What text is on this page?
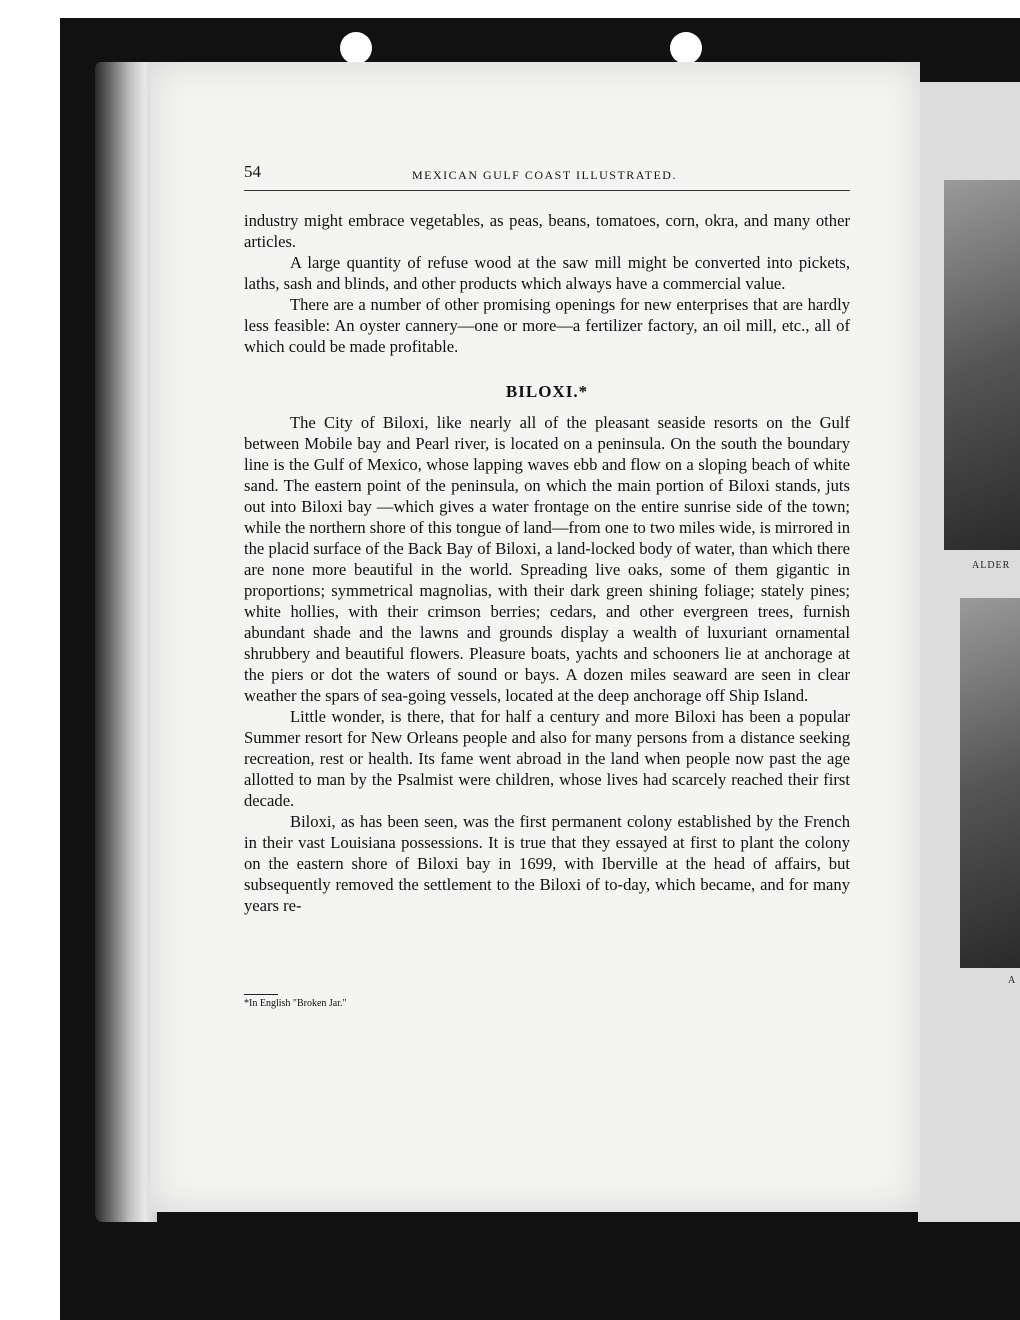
ALDER
A
54	MEXICAN GULF COAST ILLUSTRATED.

industry might embrace vegetables, as peas, beans, tomatoes, corn, okra, and many other articles.

A large quantity of refuse wood at the saw mill might be converted into pickets, laths, sash and blinds, and other products which always have a commercial value.

There are a number of other promising openings for new enterprises that are hardly less feasible: An oyster cannery—one or more—a fertilizer factory, an oil mill, etc., all of which could be made profitable.

BILOXI.*

The City of Biloxi, like nearly all of the pleasant seaside resorts on the Gulf between Mobile bay and Pearl river, is located on a peninsula. On the south the boundary line is the Gulf of Mexico, whose lapping waves ebb and flow on a sloping beach of white sand. The eastern point of the peninsula, on which the main portion of Biloxi stands, juts out into Biloxi bay —which gives a water frontage on the entire sunrise side of the town; while the northern shore of this tongue of land—from one to two miles wide, is mirrored in the placid surface of the Back Bay of Biloxi, a land-locked body of water, than which there are none more beautiful in the world. Spreading live oaks, some of them gigantic in proportions; symmetrical magnolias, with their dark green shining foliage; stately pines; white hollies, with their crimson berries; cedars, and other evergreen trees, furnish abundant shade and the lawns and grounds display a wealth of luxuriant ornamental shrubbery and beautiful flowers. Pleasure boats, yachts and schooners lie at anchorage at the piers or dot the waters of sound or bays. A dozen miles seaward are seen in clear weather the spars of sea-going vessels, located at the deep anchorage off Ship Island.

Little wonder, is there, that for half a century and more Biloxi has been a popular Summer resort for New Orleans people and also for many persons from a distance seeking recreation, rest or health. Its fame went abroad in the land when people now past the age allotted to man by the Psalmist were children, whose lives had scarcely reached their first decade.

Biloxi, as has been seen, was the first permanent colony established by the French in their vast Louisiana possessions. It is true that they essayed at first to plant the colony on the eastern shore of Biloxi bay in 1699, with Iberville at the head of affairs, but subsequently removed the settlement to the Biloxi of to-day, which became, and for many years re-

*In English "Broken Jar."
